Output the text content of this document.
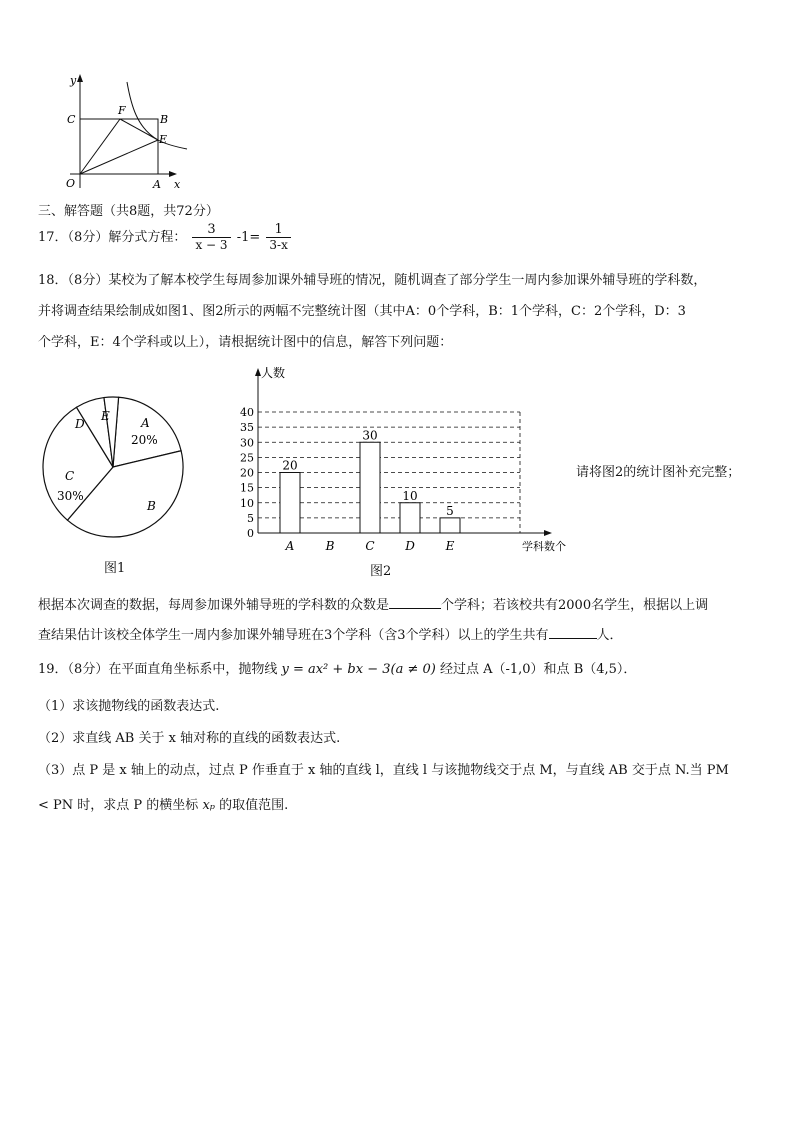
y
x
O	A
B
C
E
F
三、解答题（共8题，共72分）
17．（8分）解分式方程： $\frac{3}{x - 3} -1= \frac{1}{3-x}$
18．（8分）某校为了解本校学生每周参加课外辅导班的情况，随机调查了部分学生一周内参加课外辅导班的学科数，
并将调查结果绘制成如图1、图2所示的两幅不完整统计图（其中A：0个学科，B：1个学科，C：2个学科，D：3
个学科，E：4个学科或以上），请根据统计图中的信息，解答下列问题：
A
20%
B
C
30%
D
E
图1
0
5
10
15
20
25
30
35
40
20
30
10
5
A	B	C	D	E
人数
学科数个
图2
请将图2的统计图补充完整；
根据本次调查的数据，每周参加课外辅导班的学科数的众数是	个学科；若该校共有2000名学生，根据以上调
查结果估计该校全体学生一周内参加课外辅导班在3个学科（含3个学科）以上的学生共有	人．
19．（8分）在平面直角坐标系中，抛物线 y = ax² + bx − 3(a ≠ 0) 经过点 A（-1,0）和点 B（4,5）．
（1）求该抛物线的函数表达式.
（2）求直线 AB 关于 x 轴对称的直线的函数表达式.
（3）点 P 是 x 轴上的动点，过点 P 作垂直于 x 轴的直线 l，直线 l 与该抛物线交于点 M，与直线 AB 交于点 N.当 PM
< PN 时，求点 P 的横坐标 xₚ 的取值范围.
